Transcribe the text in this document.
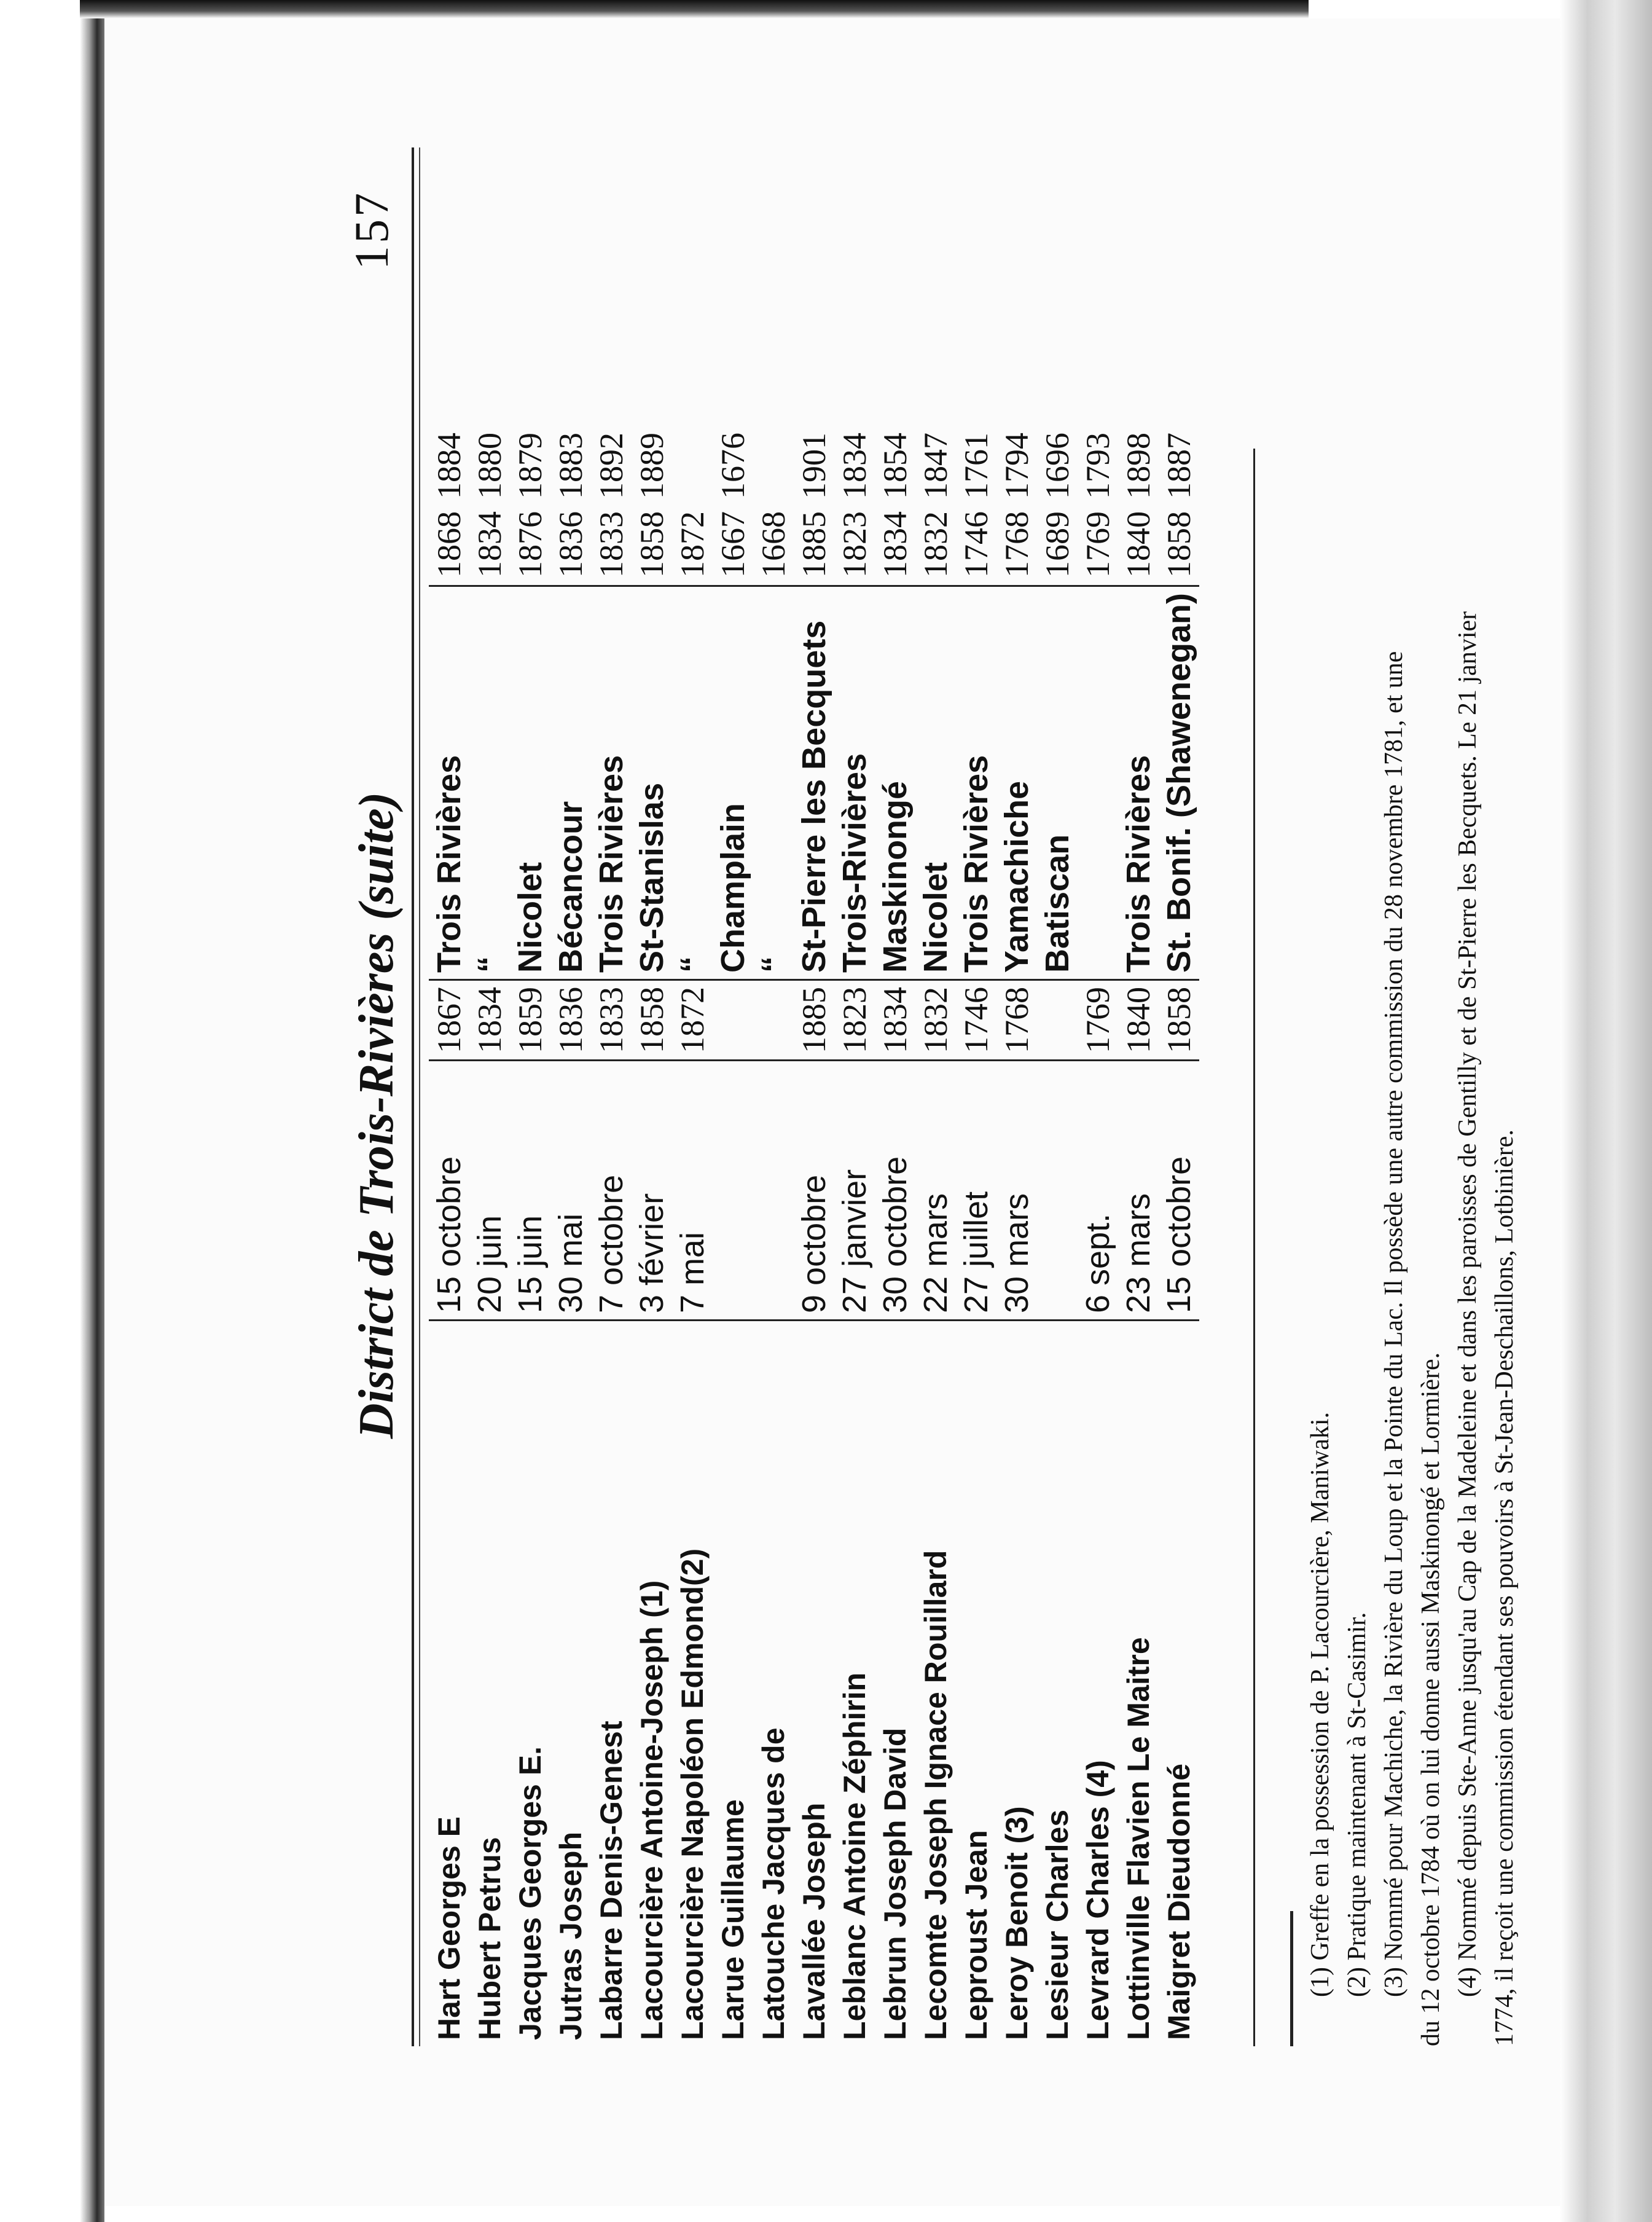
157
District de Trois-Rivières (suite)
Hart Georges E	15 octobre	1867	Trois Rivières	1868	1884
Hubert Petrus	20 juin	1834	“	1834	1880
Jacques Georges E.	15 juin	1859	Nicolet	1876	1879
Jutras Joseph	30 mai	1836	Bécancour	1836	1883
Labarre Denis-Genest	7 octobre	1833	Trois Rivières	1833	1892
Lacourcière Antoine-Joseph (1)	3 février	1858	St-Stanislas	1858	1889
Lacourcière Napoléon Edmond(2)	7 mai	1872	“	1872	
Larue Guillaume			Champlain	1667	1676
Latouche Jacques de			“	1668	
Lavallée Joseph	9 octobre	1885	St-Pierre les Becquets	1885	1901
Leblanc Antoine Zéphirin	27 janvier	1823	Trois-Rivières	1823	1834
Lebrun Joseph David	30 octobre	1834	Maskinongé	1834	1854
Lecomte Joseph Ignace Rouillard	22 mars	1832	Nicolet	1832	1847
Leproust Jean	27 juillet	1746	Trois Rivières	1746	1761
Leroy Benoit (3)	30 mars	1768	Yamachiche	1768	1794
Lesieur Charles			Batiscan	1689	1696
Levrard Charles (4)	6 sept.	1769		1769	1793
Lottinville Flavien Le Maitre	23 mars	1840	Trois Rivières	1840	1898
Maigret Dieudonné	15 octobre	1858	St. Bonif. (Shawenegan)	1858	1887

(1) Greffe en la possession de P. Lacourcière, Maniwaki. (2) Pratique maintenant à St-Casimir. (3) Nommé pour Machiche, la Rivière du Loup et la Pointe du Lac. Il possède une autre commission du 28 novembre 1781, et une du 12 octobre 1784 où on lui donne aussi Maskinongé et Lormière. (4) Nommé depuis Ste-Anne jusqu'au Cap de la Madeleine et dans les paroisses de Gentilly et de St-Pierre les Becquets. Le 21 janvier 1774, il reçoit une commission étendant ses pouvoirs à St-Jean-Deschaillons, Lotbinière.
